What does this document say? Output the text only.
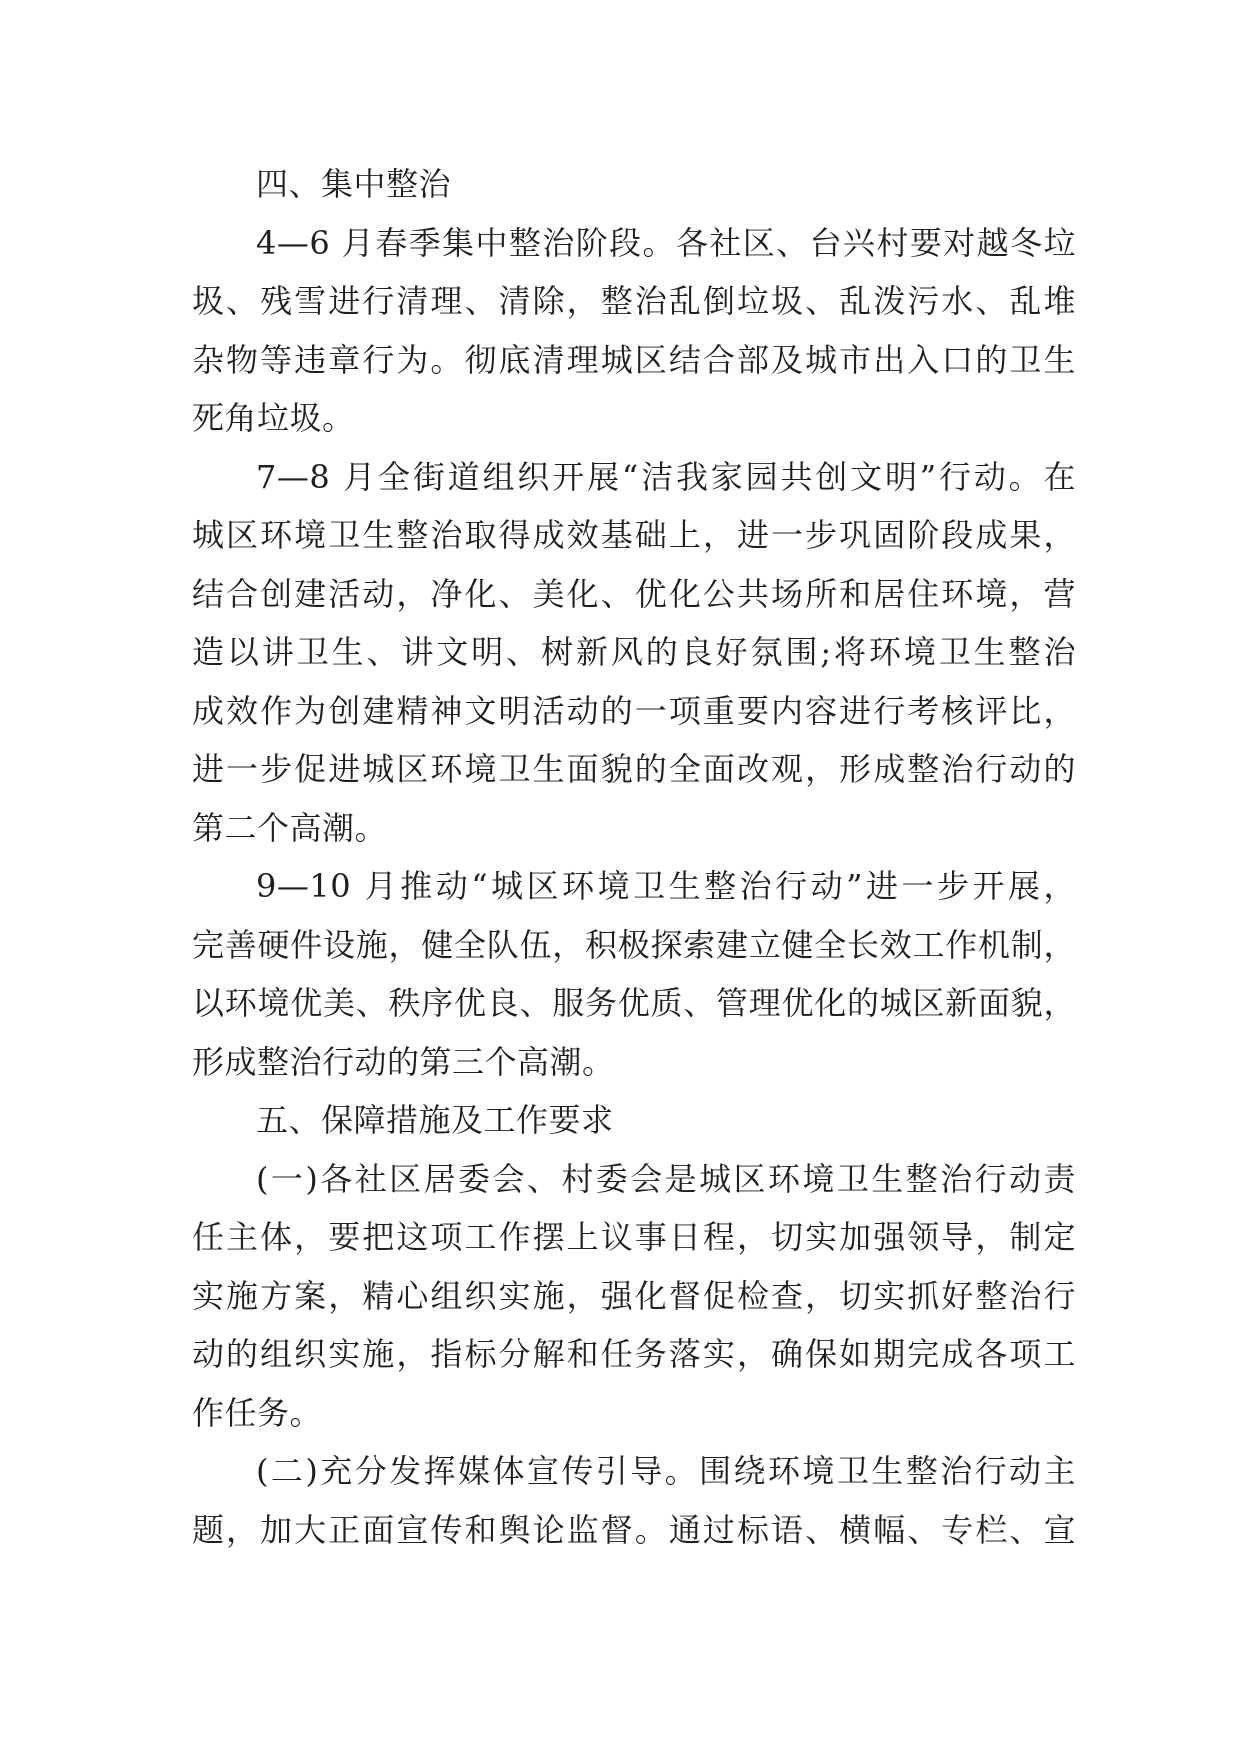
四、集中整治
4—6 月春季集中整治阶段。各社区、台兴村要对越冬垃
圾、残雪进行清理、清除，整治乱倒垃圾、乱泼污水、乱堆
杂物等违章行为。彻底清理城区结合部及城市出入口的卫生
死角垃圾。
7—8 月全街道组织开展“洁我家园共创文明”行动。在
城区环境卫生整治取得成效基础上，进一步巩固阶段成果，
结合创建活动，净化、美化、优化公共场所和居住环境，营
造以讲卫生、讲文明、树新风的良好氛围;将环境卫生整治
成效作为创建精神文明活动的一项重要内容进行考核评比，
进一步促进城区环境卫生面貌的全面改观，形成整治行动的
第二个高潮。
9—10 月推动“城区环境卫生整治行动”进一步开展，
完善硬件设施，健全队伍，积极探索建立健全长效工作机制，
以环境优美、秩序优良、服务优质、管理优化的城区新面貌，
形成整治行动的第三个高潮。
五、保障措施及工作要求
(一)各社区居委会、村委会是城区环境卫生整治行动责
任主体，要把这项工作摆上议事日程，切实加强领导，制定
实施方案，精心组织实施，强化督促检查，切实抓好整治行
动的组织实施，指标分解和任务落实，确保如期完成各项工
作任务。
(二)充分发挥媒体宣传引导。围绕环境卫生整治行动主
题，加大正面宣传和舆论监督。通过标语、横幅、专栏、宣
